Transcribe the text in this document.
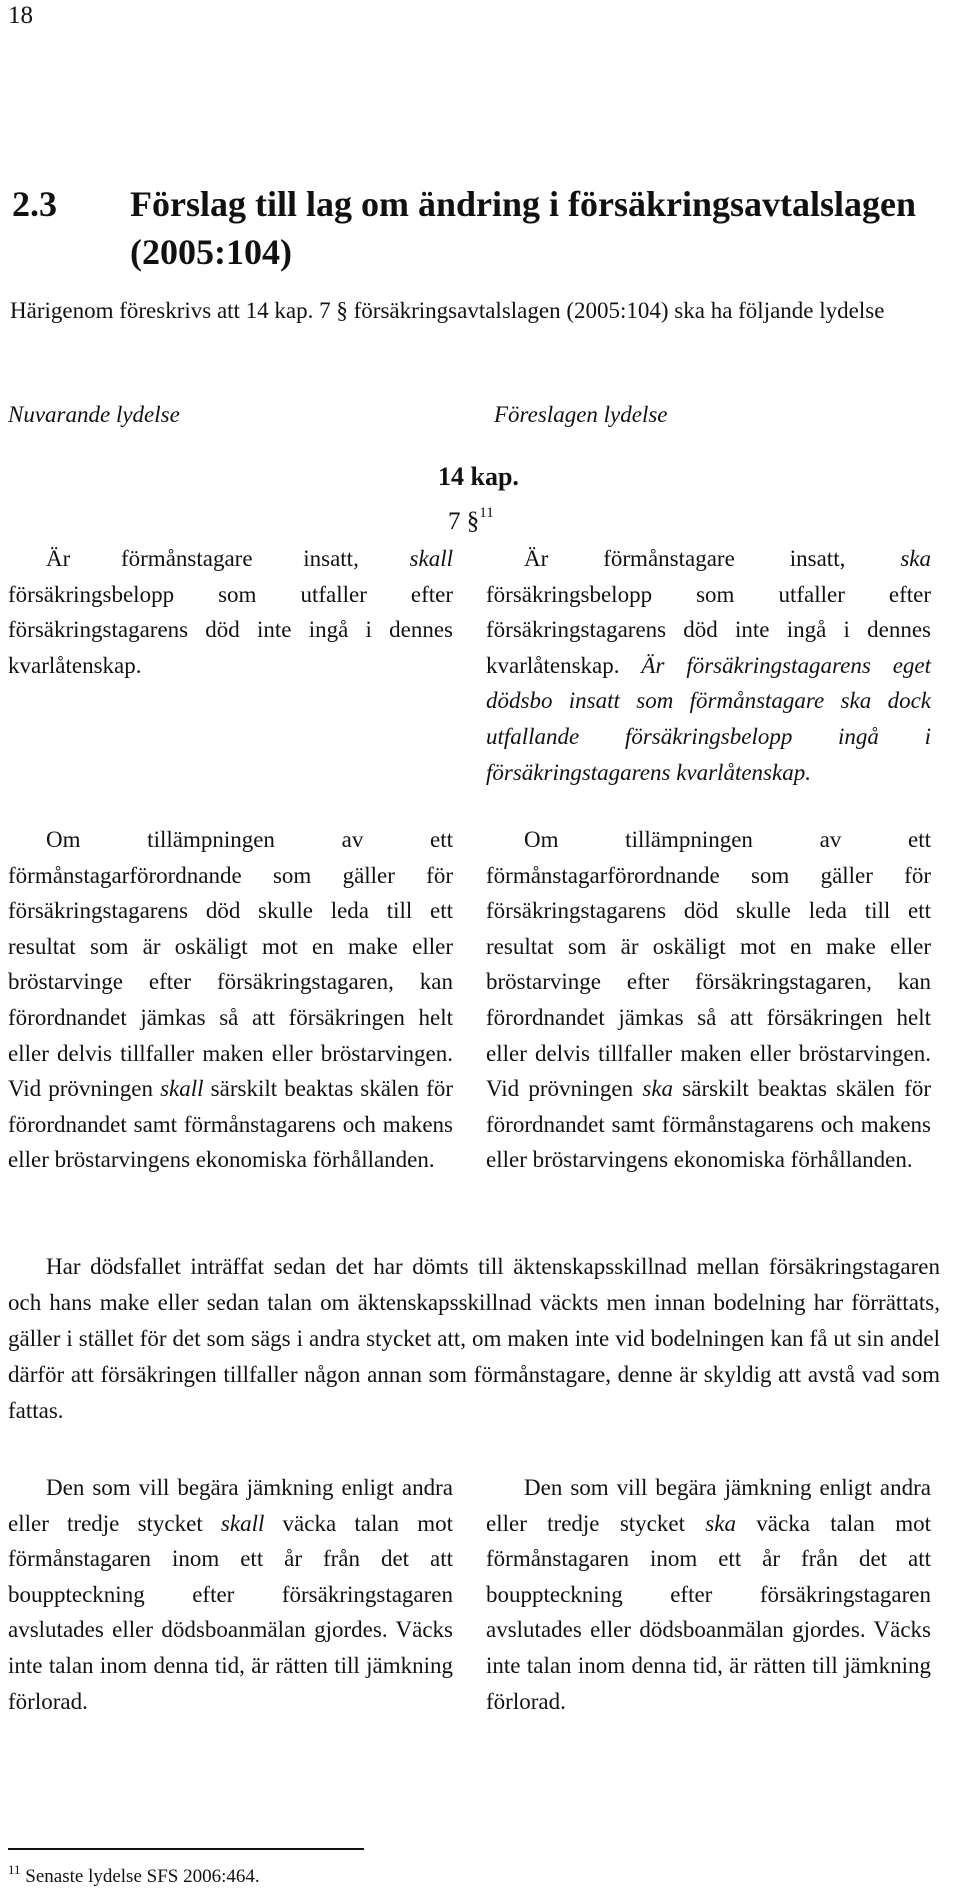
18
2.3 Förslag till lag om ändring i försäkringsavtalslagen (2005:104)
Härigenom föreskrivs att 14 kap. 7 § försäkringsavtalslagen (2005:104) ska ha följande lydelse
Nuvarande lydelse	Föreslagen lydelse
14 kap.
7 §$^{11}$
Är förmånstagare insatt, skall försäkringsbelopp som utfaller efter försäkringstagarens död inte ingå i dennes kvarlåtenskap.
Är förmånstagare insatt, ska försäkringsbelopp som utfaller efter försäkringstagarens död inte ingå i dennes kvarlåtenskap. Är försäkringstagarens eget dödsbo insatt som förmånstagare ska dock utfallande försäkringsbelopp ingå i försäkringstagarens kvarlåtenskap.
Om tillämpningen av ett förmånstagarförordnande som gäller för försäkringstagarens död skulle leda till ett resultat som är oskäligt mot en make eller bröstarvinge efter försäkringstagaren, kan förordnandet jämkas så att försäkringen helt eller delvis tillfaller maken eller bröstarvingen. Vid prövningen skall särskilt beaktas skälen för förordnandet samt förmånstagarens och makens eller bröstarvingens ekonomiska förhållanden.
Om tillämpningen av ett förmånstagarförordnande som gäller för försäkringstagarens död skulle leda till ett resultat som är oskäligt mot en make eller bröstarvinge efter försäkringstagaren, kan förordnandet jämkas så att försäkringen helt eller delvis tillfaller maken eller bröstarvingen. Vid prövningen ska särskilt beaktas skälen för förordnandet samt förmånstagarens och makens eller bröstarvingens ekonomiska förhållanden.
Har dödsfallet inträffat sedan det har dömts till äktenskapsskillnad mellan försäkringstagaren och hans make eller sedan talan om äktenskapsskillnad väckts men innan bodelning har förrättats, gäller i stället för det som sägs i andra stycket att, om maken inte vid bodelningen kan få ut sin andel därför att försäkringen tillfaller någon annan som förmånstagare, denne är skyldig att avstå vad som fattas.
Den som vill begära jämkning enligt andra eller tredje stycket skall väcka talan mot förmånstagaren inom ett år från det att bouppteckning efter försäkringstagaren avslutades eller dödsboanmälan gjordes. Väcks inte talan inom denna tid, är rätten till jämkning förlorad.
Den som vill begära jämkning enligt andra eller tredje stycket ska väcka talan mot förmånstagaren inom ett år från det att bouppteckning efter försäkringstagaren avslutades eller dödsboanmälan gjordes. Väcks inte talan inom denna tid, är rätten till jämkning förlorad.
$^{11}$ Senaste lydelse SFS 2006:464.
